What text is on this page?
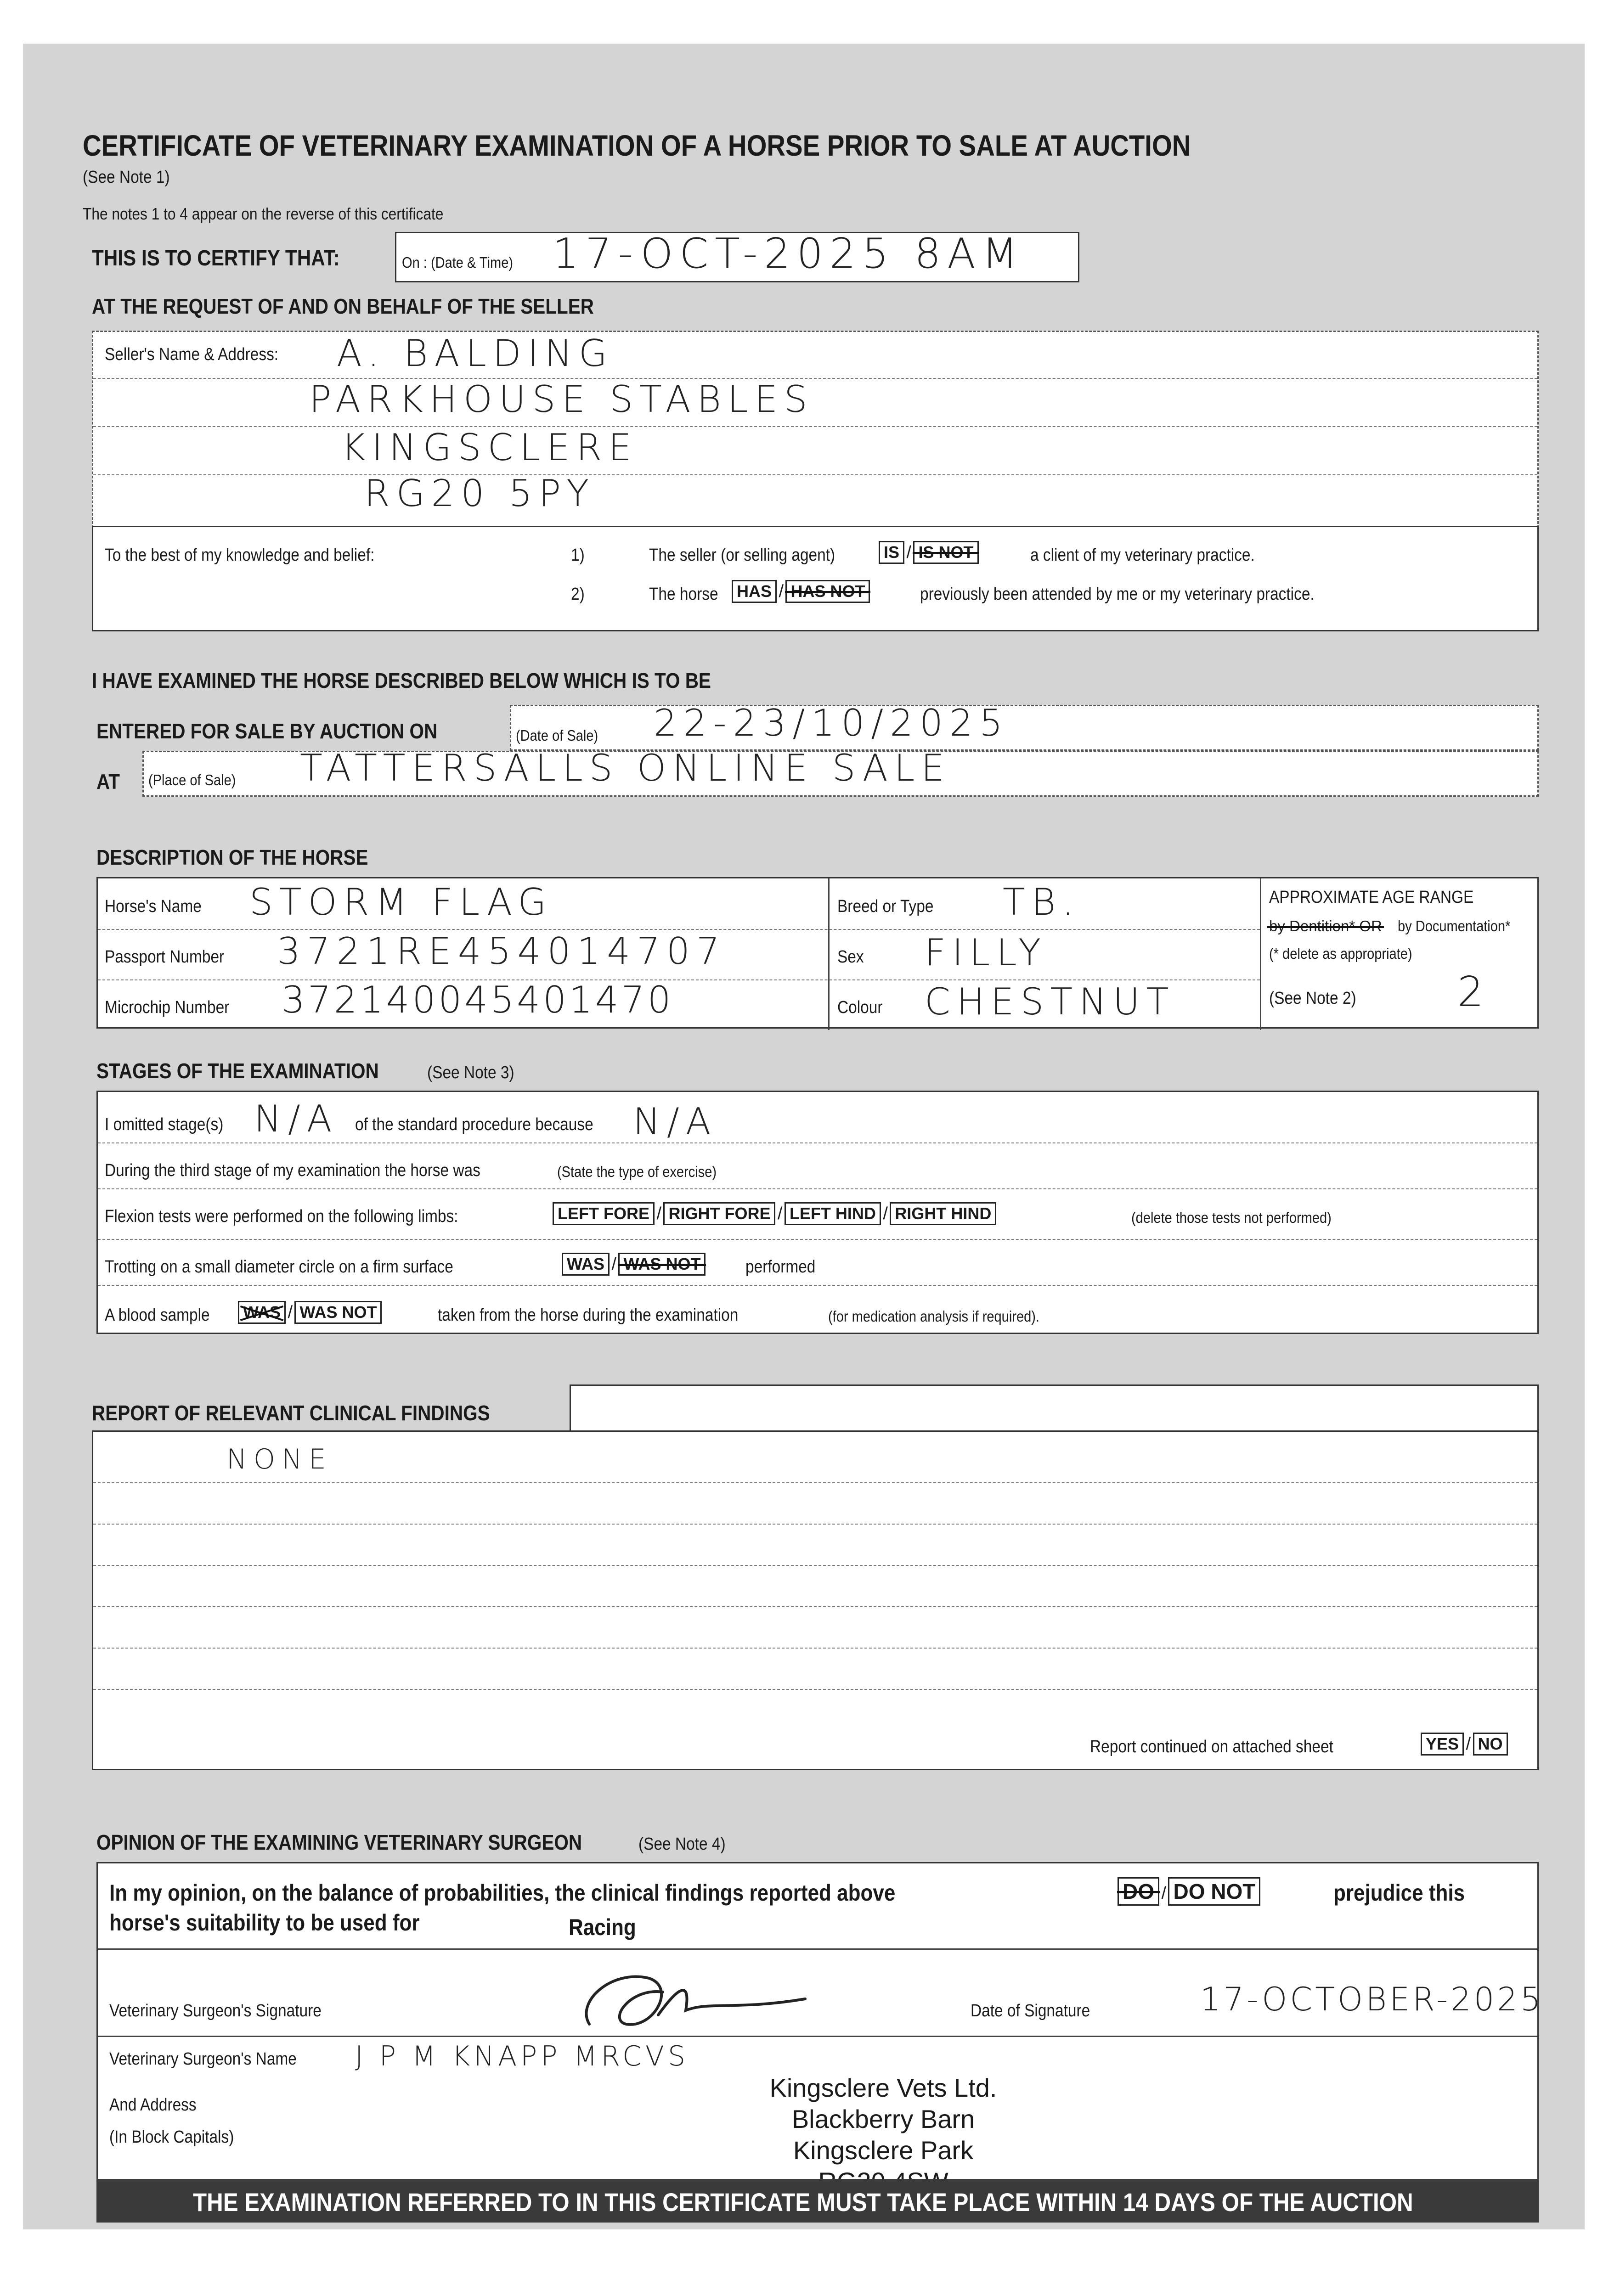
CERTIFICATE OF VETERINARY EXAMINATION OF A HORSE PRIOR TO SALE AT AUCTION
(See Note 1)
The notes 1 to 4 appear on the reverse of this certificate
THIS IS TO CERTIFY THAT:	On : (Date & Time) 17-OCT-2025 8AM
AT THE REQUEST OF AND ON BEHALF OF THE SELLER
Seller's Name & Address: A. BALDING
PARKHOUSE STABLES
KINGSCLERE
RG20 5PY
To the best of my knowledge and belief:	1)	The seller (or selling agent)	IS / IS NOT	a client of my veterinary practice.
2)	The horse	HAS / HAS NOT	previously been attended by me or my veterinary practice.
I HAVE EXAMINED THE HORSE DESCRIBED BELOW WHICH IS TO BE
ENTERED FOR SALE BY AUCTION ON	(Date of Sale) 22-23/10/2025
AT (Place of Sale) TATTERSALLS ONLINE SALE
DESCRIPTION OF THE HORSE
Horse's Name STORM FLAG
Passport Number 3721RE454014707
Microchip Number 372140045401470
Breed or Type TB.
Sex FILLY
Colour CHESTNUT
APPROXIMATE AGE RANGE
by Dentition* OR by Documentation*
(* delete as appropriate)
(See Note 2) 2
STAGES OF THE EXAMINATION	(See Note 3)
I omitted stage(s) N/A of the standard procedure because N/A
During the third stage of my examination the horse was	(State the type of exercise)
Flexion tests were performed on the following limbs:	LEFT FORE / RIGHT FORE / LEFT HIND / RIGHT HIND	(delete those tests not performed)
Trotting on a small diameter circle on a firm surface	WAS / WAS NOT	performed
A blood sample	WAS / WAS NOT	taken from the horse during the examination	(for medication analysis if required).
REPORT OF RELEVANT CLINICAL FINDINGS
NONE
Report continued on attached sheet	YES / NO
OPINION OF THE EXAMINING VETERINARY SURGEON	(See Note 4)
In my opinion, on the balance of probabilities, the clinical findings reported above	DO / DO NOT	prejudice this
horse's suitability to be used for	Racing
Veterinary Surgeon's Signature	Date of Signature	17-OCTOBER-2025
Veterinary Surgeon's Name J P M KNAPP MRCVS
And Address
(In Block Capitals)
Kingsclere Vets Ltd.
Blackberry Barn
Kingsclere Park
THE EXAMINATION REFERRED TO IN THIS CERTIFICATE MUST TAKE PLACE WITHIN 14 DAYS OF THE AUCTION
